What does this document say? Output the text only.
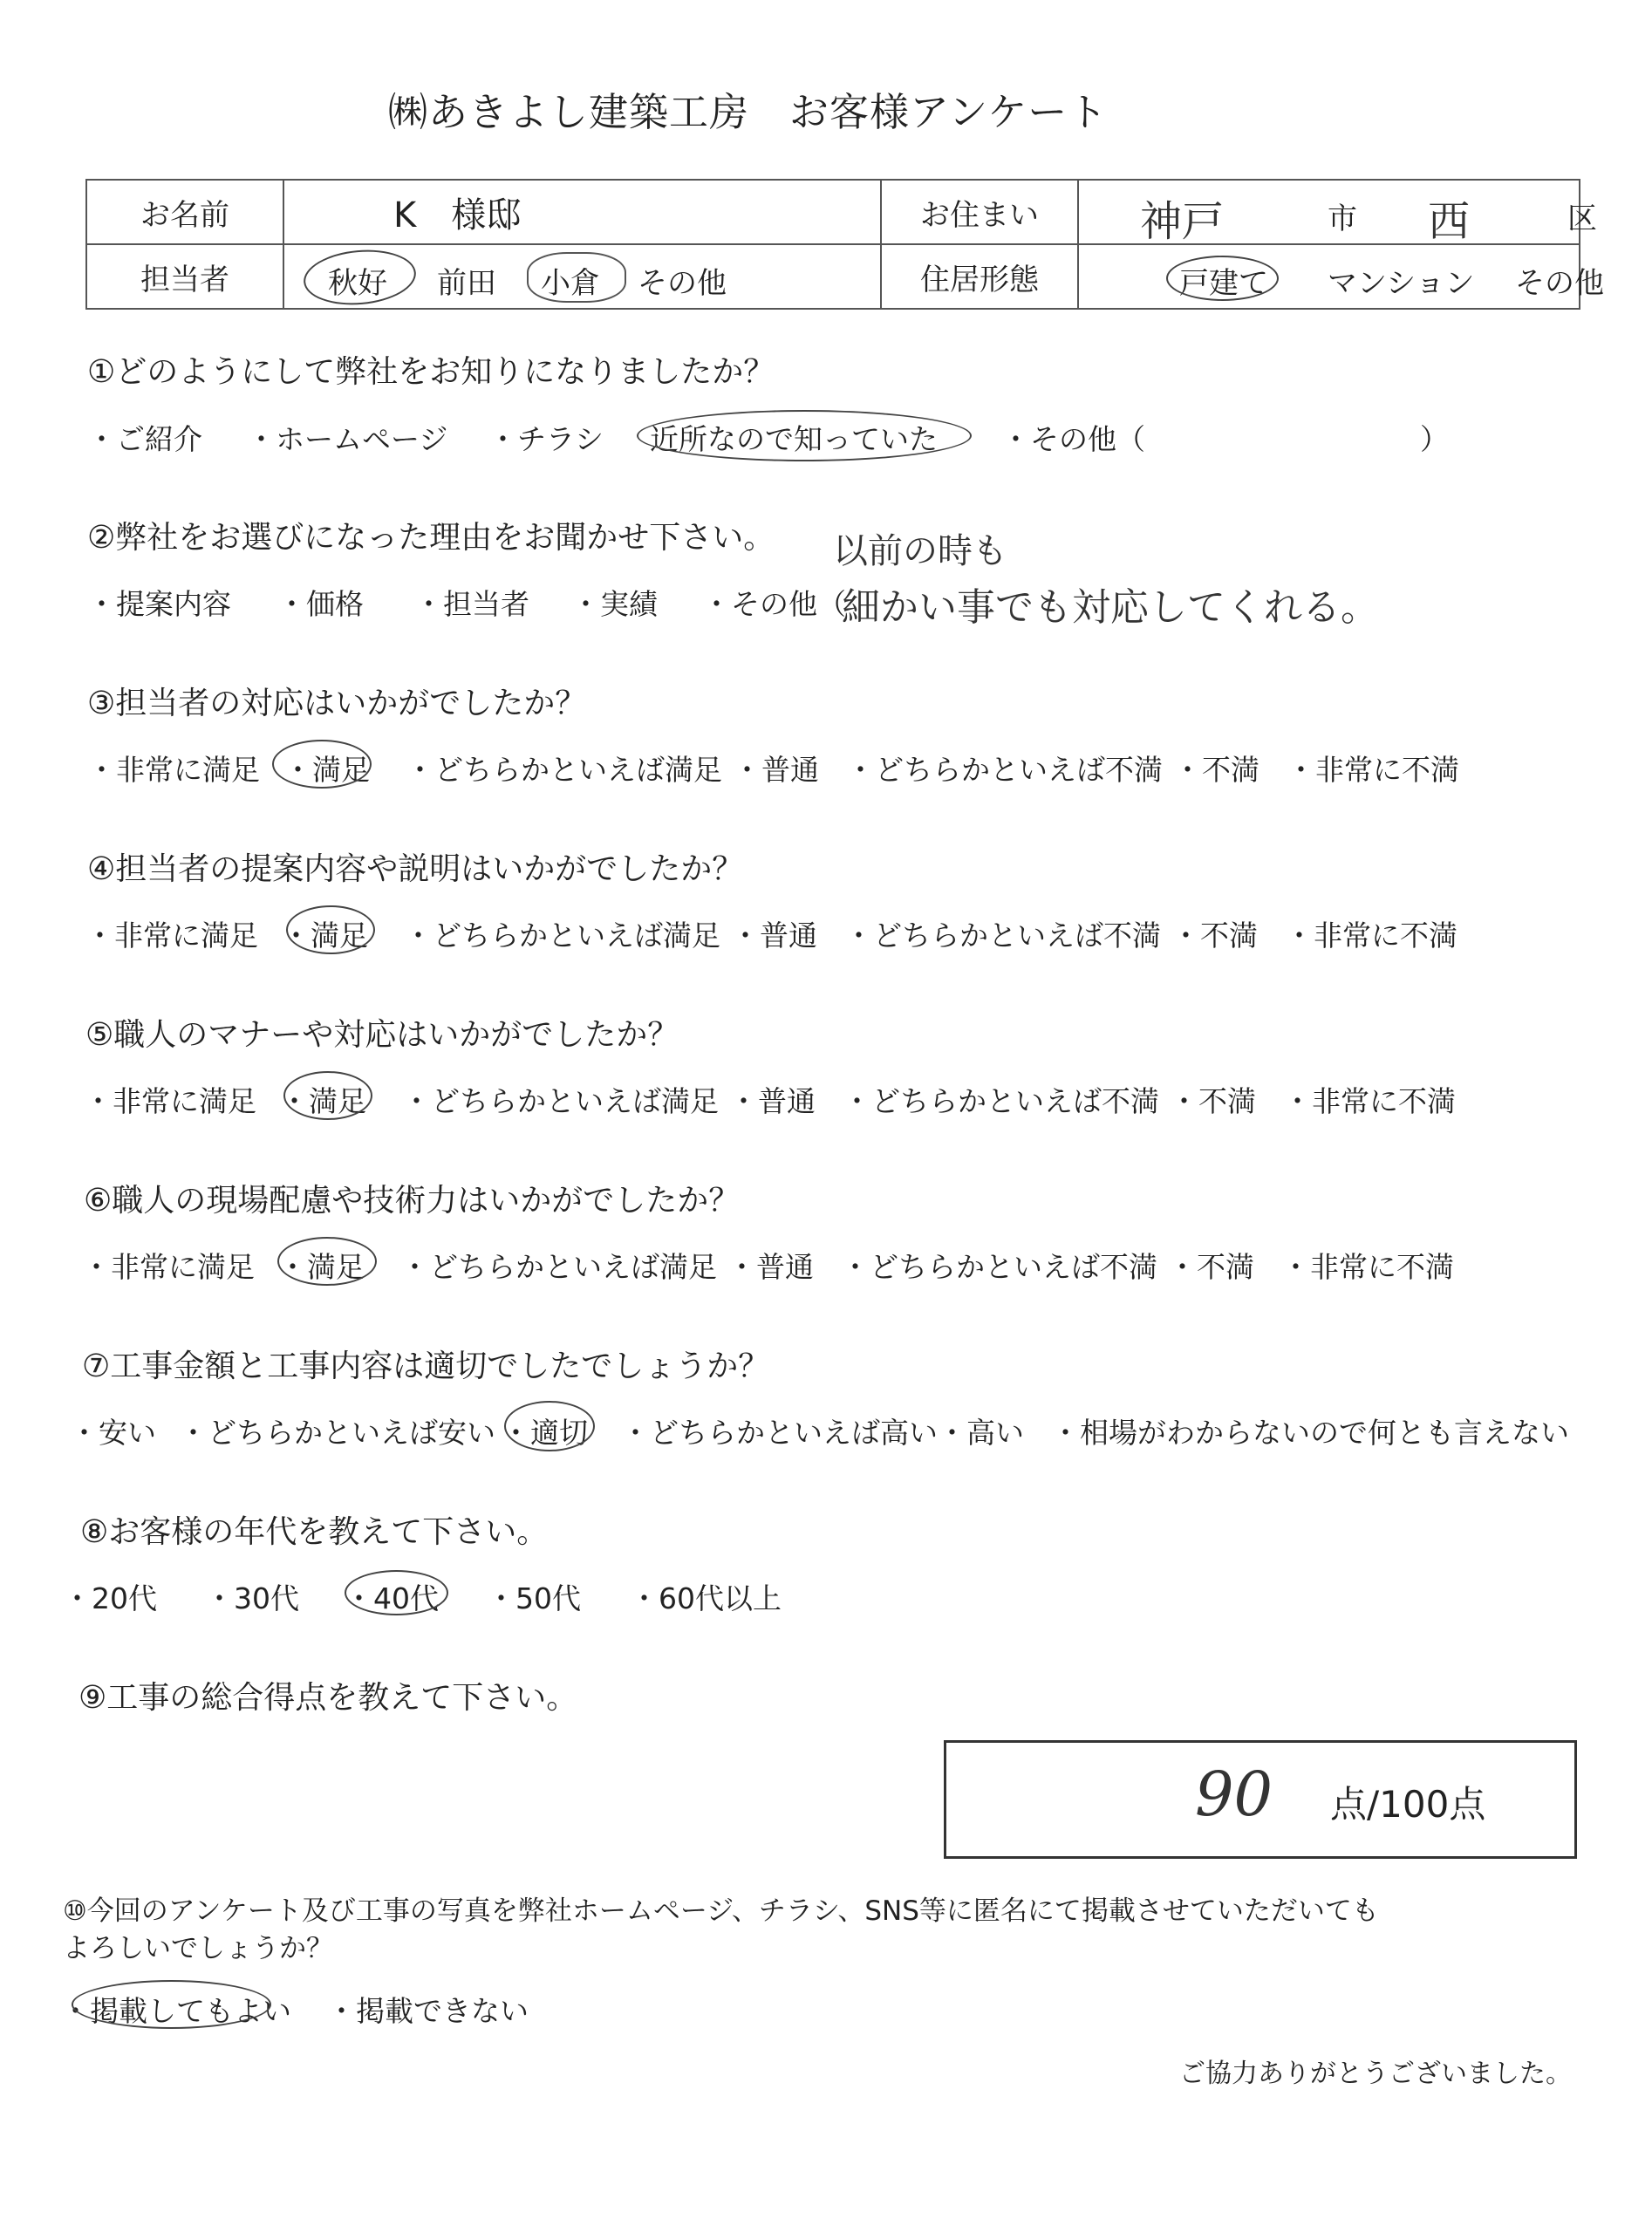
㈱あきよし建築工房　お客様アンケート
お名前	K　様邸	お住まい	神戸 市 西 区

担当者	秋好 前田 小倉 その他	住居形態	戸建て マンション その他
①どのようにして弊社をお知りになりましたか？
・ご紹介 ・ホームページ ・チラシ 近所なので知っていた ・その他（	）
②弊社をお選びになった理由をお聞かせ下さい。
・提案内容 ・価格 ・担当者 ・実績 ・その他（
以前の時も
細かい事でも対応してくれる。
③担当者の対応はいかがでしたか？
・非常に満足 ・満足 ・どちらかといえば満足 ・普通 ・どちらかといえば不満 ・不満 ・非常に不満
④担当者の提案内容や説明はいかがでしたか？
・非常に満足 ・満足 ・どちらかといえば満足 ・普通 ・どちらかといえば不満 ・不満 ・非常に不満
⑤職人のマナーや対応はいかがでしたか？
・非常に満足 ・満足 ・どちらかといえば満足 ・普通 ・どちらかといえば不満 ・不満 ・非常に不満
⑥職人の現場配慮や技術力はいかがでしたか？
・非常に満足 ・満足 ・どちらかといえば満足 ・普通 ・どちらかといえば不満 ・不満 ・非常に不満
⑦工事金額と工事内容は適切でしたでしょうか？
・安い ・どちらかといえば安い ・適切 ・どちらかといえば高い ・高い ・相場がわからないので何とも言えない
⑧お客様の年代を教えて下さい。
・20代 ・30代 ・40代 ・50代 ・60代以上
⑨工事の総合得点を教えて下さい。
90 点/100点
⑩今回のアンケート及び工事の写真を弊社ホームページ、チラシ、SNS等に匿名にて掲載させていただいても
よろしいでしょうか？
・掲載してもよい ・掲載できない
ご協力ありがとうございました。
